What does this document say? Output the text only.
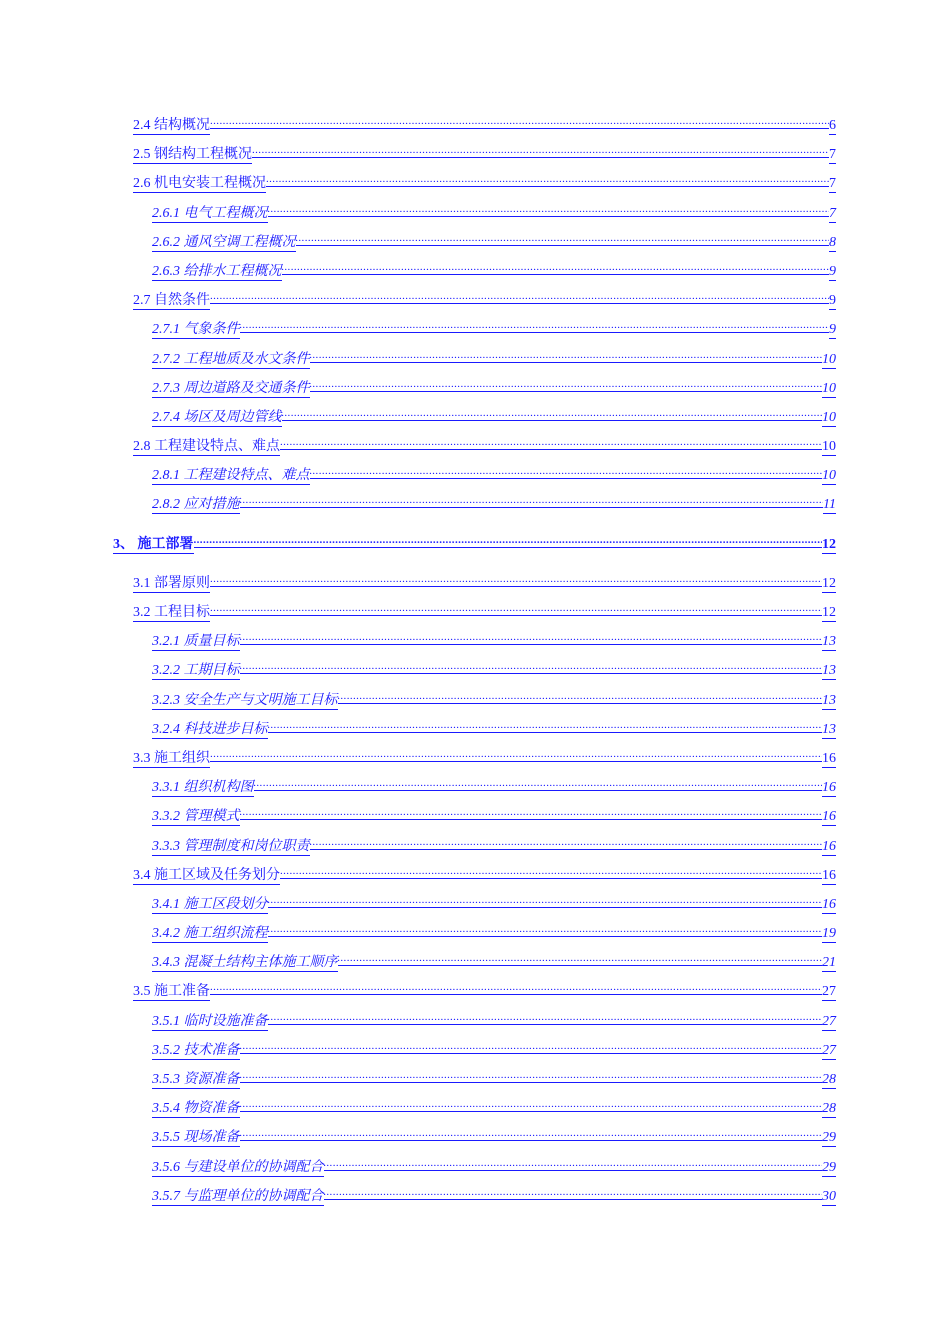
2.4 结构概况 .....	6
2.5 钢结构工程概况 .....	7
2.6 机电安装工程概况 .....	7
2.6.1 电气工程概况 .....	7
2.6.2 通风空调工程概况 .....	8
2.6.3 给排水工程概况 .....	9
2.7 自然条件 .....	9
2.7.1 气象条件 .....	9
2.7.2 工程地质及水文条件 .....	10
2.7.3 周边道路及交通条件 .....	10
2.7.4 场区及周边管线 .....	10
2.8 工程建设特点、难点 .....	10
2.8.1 工程建设特点、难点 .....	10
2.8.2 应对措施 .....	11
3、 施工部署 .....	12
3.1 部署原则 .....	12
3.2 工程目标 .....	12
3.2.1 质量目标 .....	13
3.2.2 工期目标 .....	13
3.2.3 安全生产与文明施工目标 .....	13
3.2.4 科技进步目标 .....	13
3.3 施工组织 .....	16
3.3.1 组织机构图 .....	16
3.3.2 管理模式 .....	16
3.3.3 管理制度和岗位职责 .....	16
3.4 施工区域及任务划分 .....	16
3.4.1 施工区段划分 .....	16
3.4.2 施工组织流程 .....	19
3.4.3 混凝土结构主体施工顺序 .....	21
3.5 施工准备 .....	27
3.5.1 临时设施准备 .....	27
3.5.2 技术准备 .....	27
3.5.3 资源准备 .....	28
3.5.4 物资准备 .....	28
3.5.5 现场准备 .....	29
3.5.6 与建设单位的协调配合 .....	29
3.5.7 与监理单位的协调配合 .....	30
